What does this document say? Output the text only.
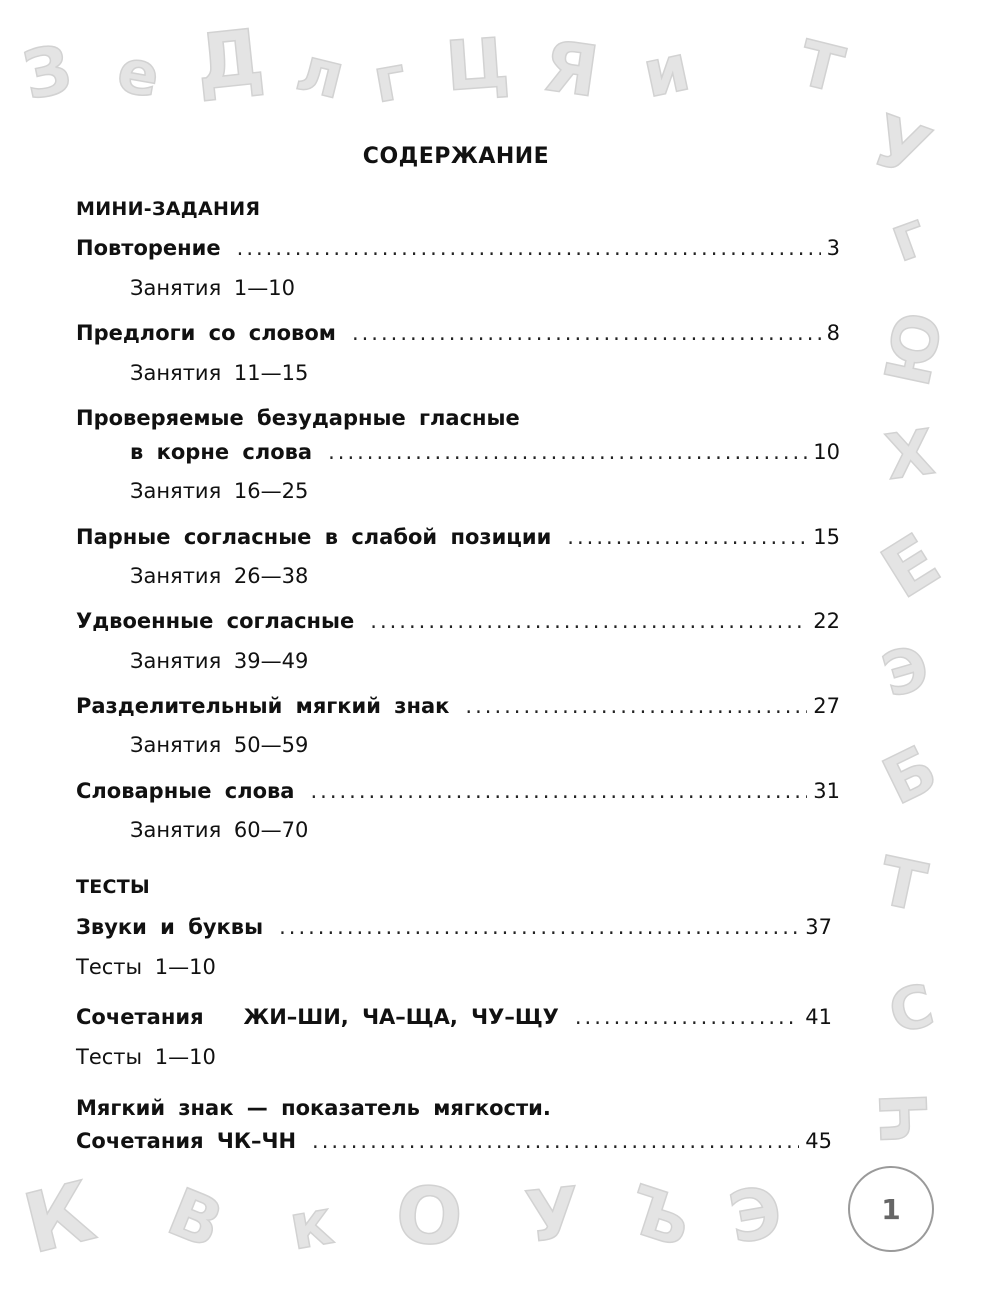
З е Д л г Ц Я и Т
У
г
Ю
Х
Е
Э
Б
Т
С
Ч
К В к О У Ъ Э
СОДЕРЖАНИЕ
МИНИ-ЗАДАНИЯ
Повторение .....	3
Занятия 1—10
Предлоги со словом .....	8
Занятия 11—15
Проверяемые безударные гласные
в корне слова .....	10
Занятия 16—25
Парные согласные в слабой позиции .....	15
Занятия 26—38
Удвоенные согласные .....	22
Занятия 39—49
Разделительный мягкий знак .....	27
Занятия 50—59
Словарные слова .....	31
Занятия 60—70
ТЕСТЫ
Звуки и буквы .....	37
Тесты 1—10
Сочетания   ЖИ–ШИ, ЧА–ЩА, ЧУ–ЩУ .....	41
Тесты 1—10
Мягкий знак — показатель мягкости.
Сочетания ЧК–ЧН .....	45
1
